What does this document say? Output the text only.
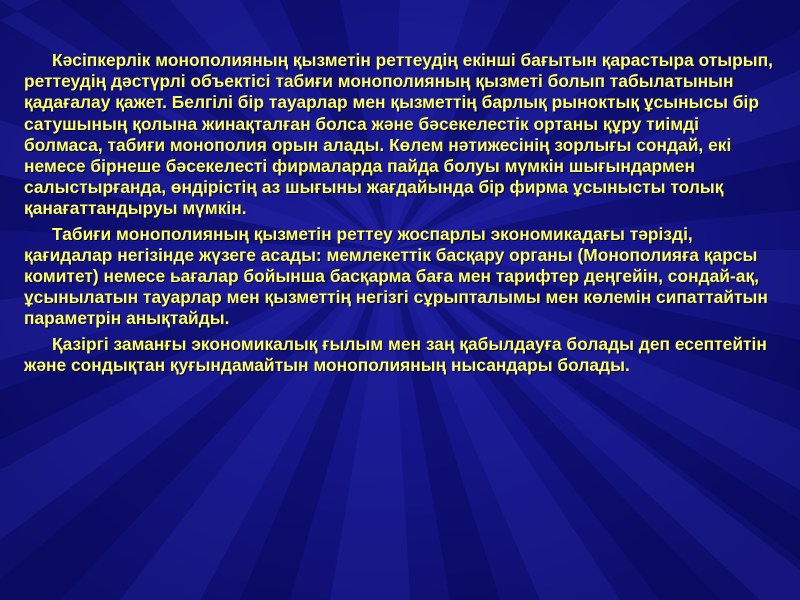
Кәсіпкерлік монополияның қызметін реттеудің екінші бағытын қарастыра отырып, реттеудің дәстүрлі объектісі табиғи монополияның қызметі болып табылатынын қадағалау қажет. Белгілі бір тауарлар мен қызметтің барлық рыноктық ұсынысы бір сатушының қолына жинақталған болса және бәсекелестік ортаны құру тиімді болмаса, табиғи монополия орын алады. Көлем нәтижесінің зорлығы сондай, екі немесе бірнеше бәсекелесті фирмаларда пайда болуы мүмкін шығындармен салыстырғанда, өндірістің аз шығыны жағдайында бір фирма ұсынысты толық қанағаттандыруы мүмкін.

Табиғи монополияның қызметін реттеу жоспарлы экономикадағы тәрізді, қағидалар негізінде жүзеге асады: мемлекеттік басқару органы (Монополияға қарсы комитет) немесе ьағалар бойынша басқарма баға мен тарифтер деңгейін, сондай-ақ, ұсынылатын тауарлар мен қызметтің негізгі сұрыпталымы мен көлемін сипаттайтын параметрін анықтайды.

Қазіргі заманғы экономикалық ғылым мен заң қабылдауға болады деп есептейтін және сондықтан қуғындамайтын монополияның нысандары болады.
